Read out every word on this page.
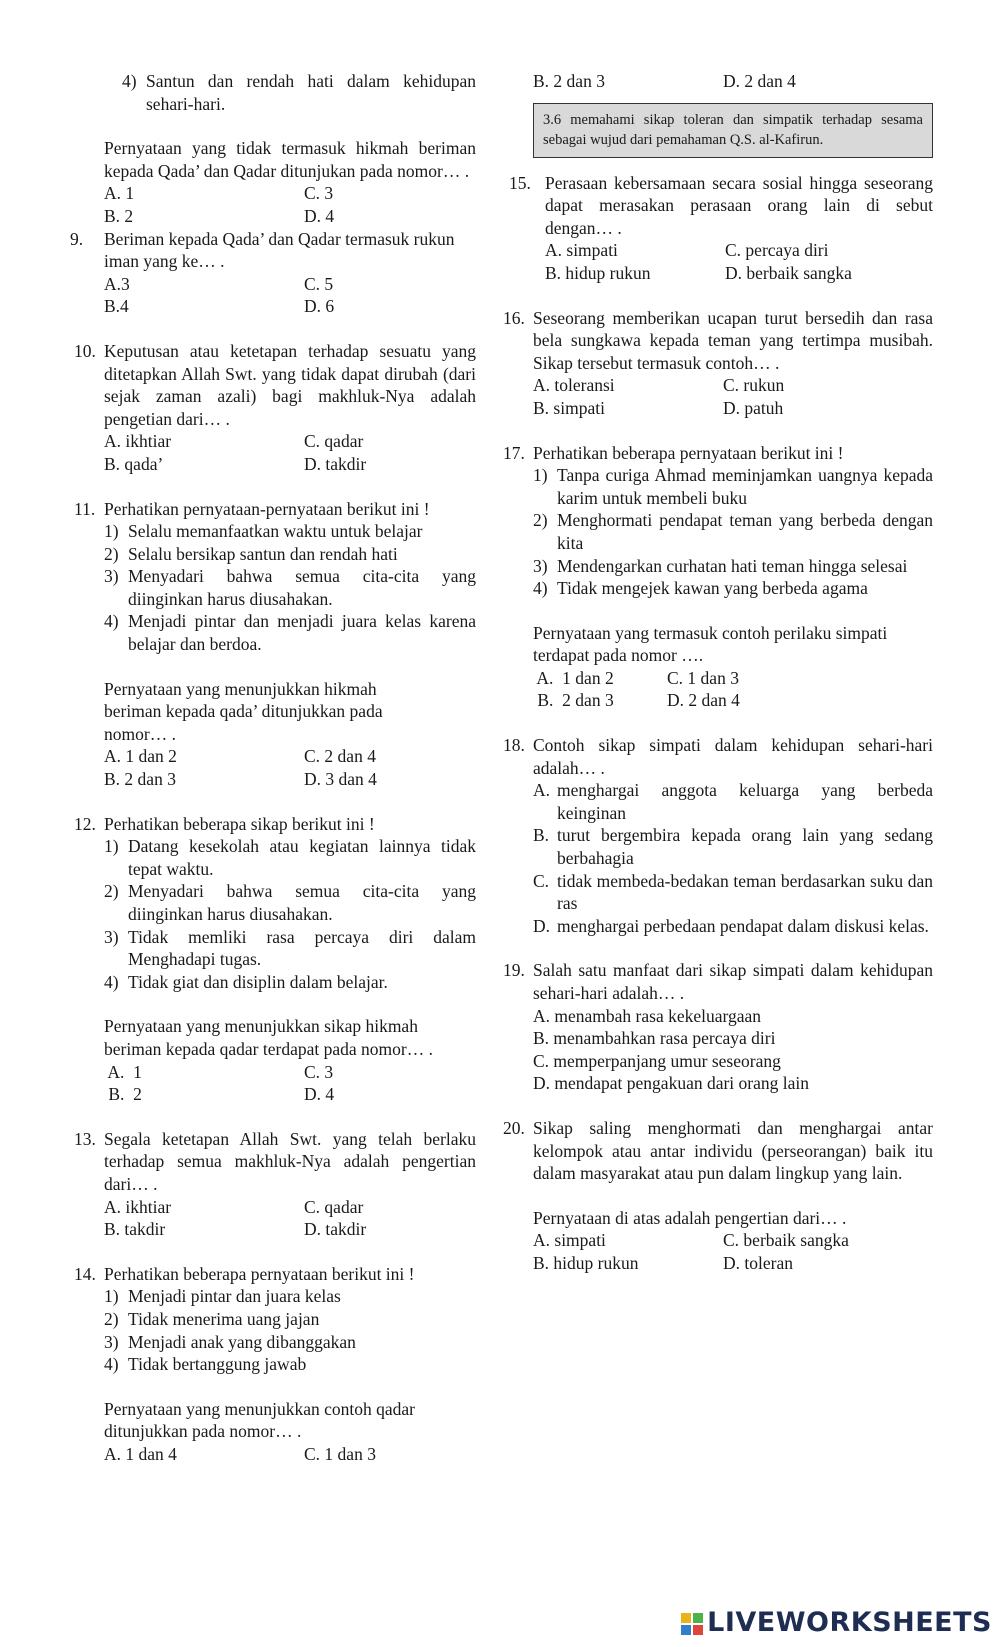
4) Santun dan rendah hati dalam kehidupan sehari-hari.
Pernyataan yang tidak termasuk hikmah beriman kepada Qada’ dan Qadar ditunjukan pada nomor… .
A. 1	C. 3
B. 2	D. 4
9.	Beriman kepada Qada’ dan Qadar termasuk rukun iman yang ke… .
A.3	C. 5
B.4	D. 6
10. Keputusan atau ketetapan terhadap sesuatu yang ditetapkan Allah Swt. yang tidak dapat dirubah (dari sejak zaman azali) bagi makhluk-Nya adalah pengetian dari… .
A. ikhtiar	C. qadar
B. qada’	D. takdir
11. Perhatikan pernyataan-pernyataan berikut ini !
1) Selalu memanfaatkan waktu untuk belajar
2) Selalu bersikap santun dan rendah hati
3) Menyadari bahwa semua cita-cita yang diinginkan harus diusahakan.
4) Menjadi pintar dan menjadi juara kelas karena belajar dan berdoa.
Pernyataan yang menunjukkan hikmah beriman kepada qada’ ditunjukkan pada nomor… .
A. 1 dan 2	C. 2 dan 4
B. 2 dan 3	D. 3 dan 4
12. Perhatikan beberapa sikap berikut ini !
1) Datang kesekolah atau kegiatan lainnya tidak tepat waktu.
2) Menyadari bahwa semua cita-cita yang diinginkan harus diusahakan.
3) Tidak memliki rasa percaya diri dalam Menghadapi tugas.
4) Tidak giat dan disiplin dalam belajar.
Pernyataan yang menunjukkan sikap hikmah beriman kepada qadar terdapat pada nomor… .
A.  1	C. 3
B.  2	D. 4
13. Segala ketetapan Allah Swt. yang telah berlaku terhadap semua makhluk-Nya adalah pengertian dari… .
A. ikhtiar	C. qadar
B. takdir	D. takdir
14. Perhatikan beberapa pernyataan berikut ini !
1) Menjadi pintar dan juara kelas
2) Tidak menerima uang jajan
3) Menjadi anak yang dibanggakan
4) Tidak bertanggung jawab
Pernyataan yang menunjukkan contoh qadar ditunjukkan pada nomor… .
A. 1 dan 4	C. 1 dan 3
B. 2 dan 3	D. 2 dan 4
3.6 memahami sikap toleran dan simpatik terhadap sesama sebagai wujud dari pemahaman Q.S. al-Kafirun.
15. Perasaan kebersamaan secara sosial hingga seseorang dapat merasakan perasaan orang lain di sebut dengan… .
A. simpati	C. percaya diri
B. hidup rukun	D. berbaik sangka
16. Seseorang memberikan ucapan turut bersedih dan rasa bela sungkawa kepada teman yang tertimpa musibah. Sikap tersebut termasuk contoh… .
A. toleransi	C. rukun
B. simpati	D. patuh
17. Perhatikan beberapa pernyataan berikut ini !
1) Tanpa curiga Ahmad meminjamkan uangnya kepada karim untuk membeli buku
2) Menghormati pendapat teman yang berbeda dengan kita
3) Mendengarkan curhatan hati teman hingga selesai
4) Tidak mengejek kawan yang berbeda agama
Pernyataan yang termasuk contoh perilaku simpati terdapat pada nomor ….
A.  1 dan 2	C. 1 dan 3
B.  2 dan 3	D. 2 dan 4
18. Contoh sikap simpati dalam kehidupan sehari-hari adalah… .
A. menghargai anggota keluarga yang berbeda keinginan
B. turut bergembira kepada orang lain yang sedang berbahagia
C. tidak membeda-bedakan teman berdasarkan suku dan ras
D. menghargai perbedaan pendapat dalam diskusi kelas.
19. Salah satu manfaat dari sikap simpati dalam kehidupan sehari-hari adalah… .
A. menambah rasa kekeluargaan
B. menambahkan rasa percaya diri
C. memperpanjang umur seseorang
D. mendapat pengakuan dari orang lain
20. Sikap saling menghormati dan menghargai antar kelompok atau antar individu (perseorangan) baik itu dalam masyarakat atau pun dalam lingkup yang lain.
Pernyataan di atas adalah pengertian dari… .
A. simpati	C. berbaik sangka
B. hidup rukun	D. toleran
LIVEWORKSHEETS
